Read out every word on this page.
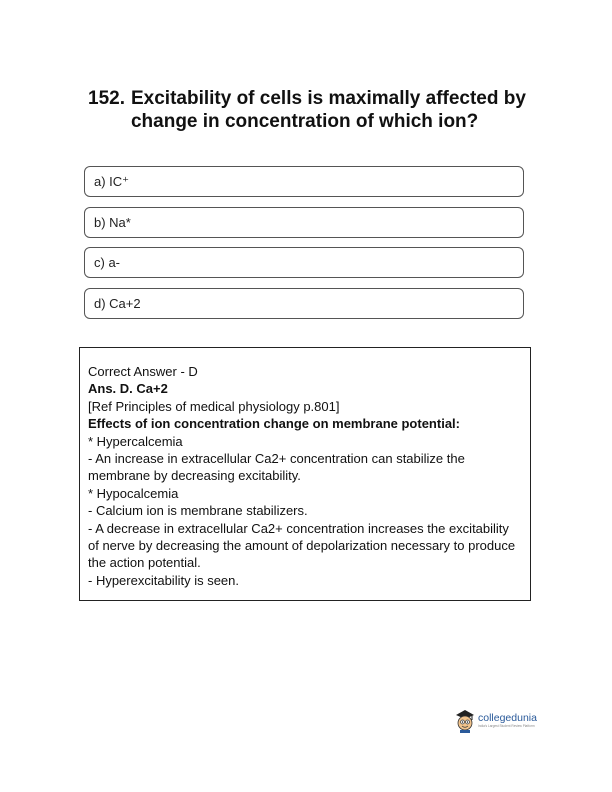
152. Excitability of cells is maximally affected by change in concentration of which ion?
a) IC⁺
b) Na*
c) a-
d) Ca+2
Correct Answer - D
Ans. D. Ca+2
[Ref Principles of medical physiology p.801]
Effects of ion concentration change on membrane potential:
* Hypercalcemia
- An increase in extracellular Ca2+ concentration can stabilize the membrane by decreasing excitability.
* Hypocalcemia
- Calcium ion is membrane stabilizers.
- A decrease in extracellular Ca2+ concentration increases the excitability of nerve by decreasing the amount of depolarization necessary to produce the action potential.
- Hyperexcitability is seen.
collegedunia
India's Largest Student Review Platform
